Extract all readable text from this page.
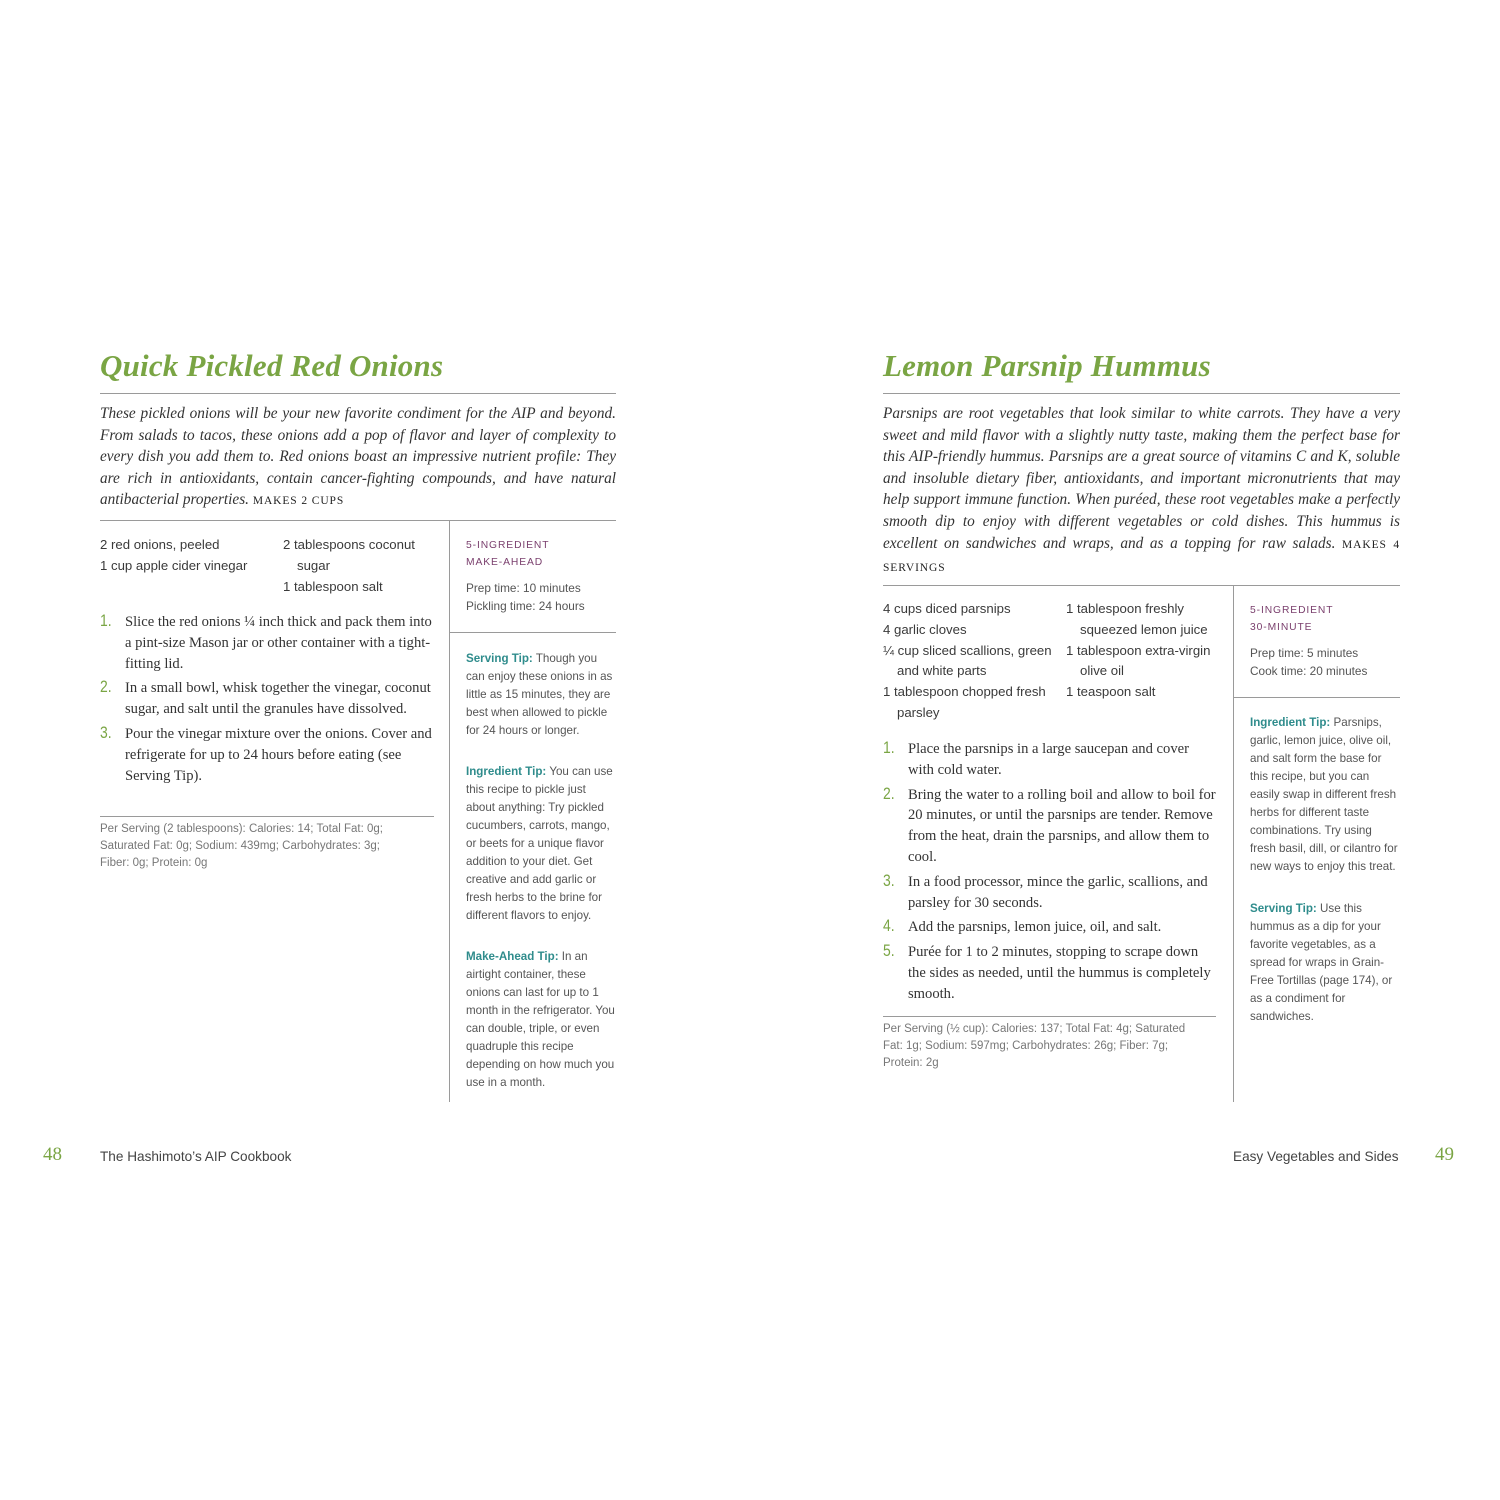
Quick Pickled Red Onions

These pickled onions will be your new favorite condiment for the AIP and beyond. From salads to tacos, these onions add a pop of flavor and layer of complexity to every dish you add them to. Red onions boast an impressive nutrient profile: They are rich in antioxidants, contain cancer-fighting compounds, and have natural antibacterial properties. MAKES 2 CUPS

2 red onions, peeled
1 cup apple cider vinegar
2 tablespoons coconut sugar
1 tablespoon salt
1. Slice the red onions ¼ inch thick and pack them into a pint-size Mason jar or other container with a tight-fitting lid.
2. In a small bowl, whisk together the vinegar, coconut sugar, and salt until the granules have dissolved.
3. Pour the vinegar mixture over the onions. Cover and refrigerate for up to 24 hours before eating (see Serving Tip).

Per Serving (2 tablespoons): Calories: 14; Total Fat: 0g; Saturated Fat: 0g; Sodium: 439mg; Carbohydrates: 3g; Fiber: 0g; Protein: 0g

5-INGREDIENT
MAKE-AHEAD
Prep time: 10 minutes
Pickling time: 24 hours

Serving Tip: Though you can enjoy these onions in as little as 15 minutes, they are best when allowed to pickle for 24 hours or longer.

Ingredient Tip: You can use this recipe to pickle just about anything: Try pickled cucumbers, carrots, mango, or beets for a unique flavor addition to your diet. Get creative and add garlic or fresh herbs to the brine for different flavors to enjoy.

Make-Ahead Tip: In an airtight container, these onions can last for up to 1 month in the refrigerator. You can double, triple, or even quadruple this recipe depending on how much you use in a month.

48	The Hashimoto’s AIP Cookbook
Lemon Parsnip Hummus

Parsnips are root vegetables that look similar to white carrots. They have a very sweet and mild flavor with a slightly nutty taste, making them the perfect base for this AIP-friendly hummus. Parsnips are a great source of vitamins C and K, soluble and insoluble dietary fiber, antioxidants, and important micronutrients that may help support immune function. When puréed, these root vegetables make a perfectly smooth dip to enjoy with different vegetables or cold dishes. This hummus is excellent on sandwiches and wraps, and as a topping for raw salads. MAKES 4 SERVINGS

4 cups diced parsnips
4 garlic cloves
¼ cup sliced scallions, green and white parts
1 tablespoon chopped fresh parsley
1 tablespoon freshly squeezed lemon juice
1 tablespoon extra-virgin olive oil
1 teaspoon salt
1. Place the parsnips in a large saucepan and cover with cold water.
2. Bring the water to a rolling boil and allow to boil for 20 minutes, or until the parsnips are tender. Remove from the heat, drain the parsnips, and allow them to cool.
3. In a food processor, mince the garlic, scallions, and parsley for 30 seconds.
4. Add the parsnips, lemon juice, oil, and salt.
5. Purée for 1 to 2 minutes, stopping to scrape down the sides as needed, until the hummus is completely smooth.

Per Serving (½ cup): Calories: 137; Total Fat: 4g; Saturated Fat: 1g; Sodium: 597mg; Carbohydrates: 26g; Fiber: 7g; Protein: 2g

5-INGREDIENT
30-MINUTE
Prep time: 5 minutes
Cook time: 20 minutes

Ingredient Tip: Parsnips, garlic, lemon juice, olive oil, and salt form the base for this recipe, but you can easily swap in different fresh herbs for different taste combinations. Try using fresh basil, dill, or cilantro for new ways to enjoy this treat.

Serving Tip: Use this hummus as a dip for your favorite vegetables, as a spread for wraps in Grain-Free Tortillas (page 174), or as a condiment for sandwiches.

Easy Vegetables and Sides 49
